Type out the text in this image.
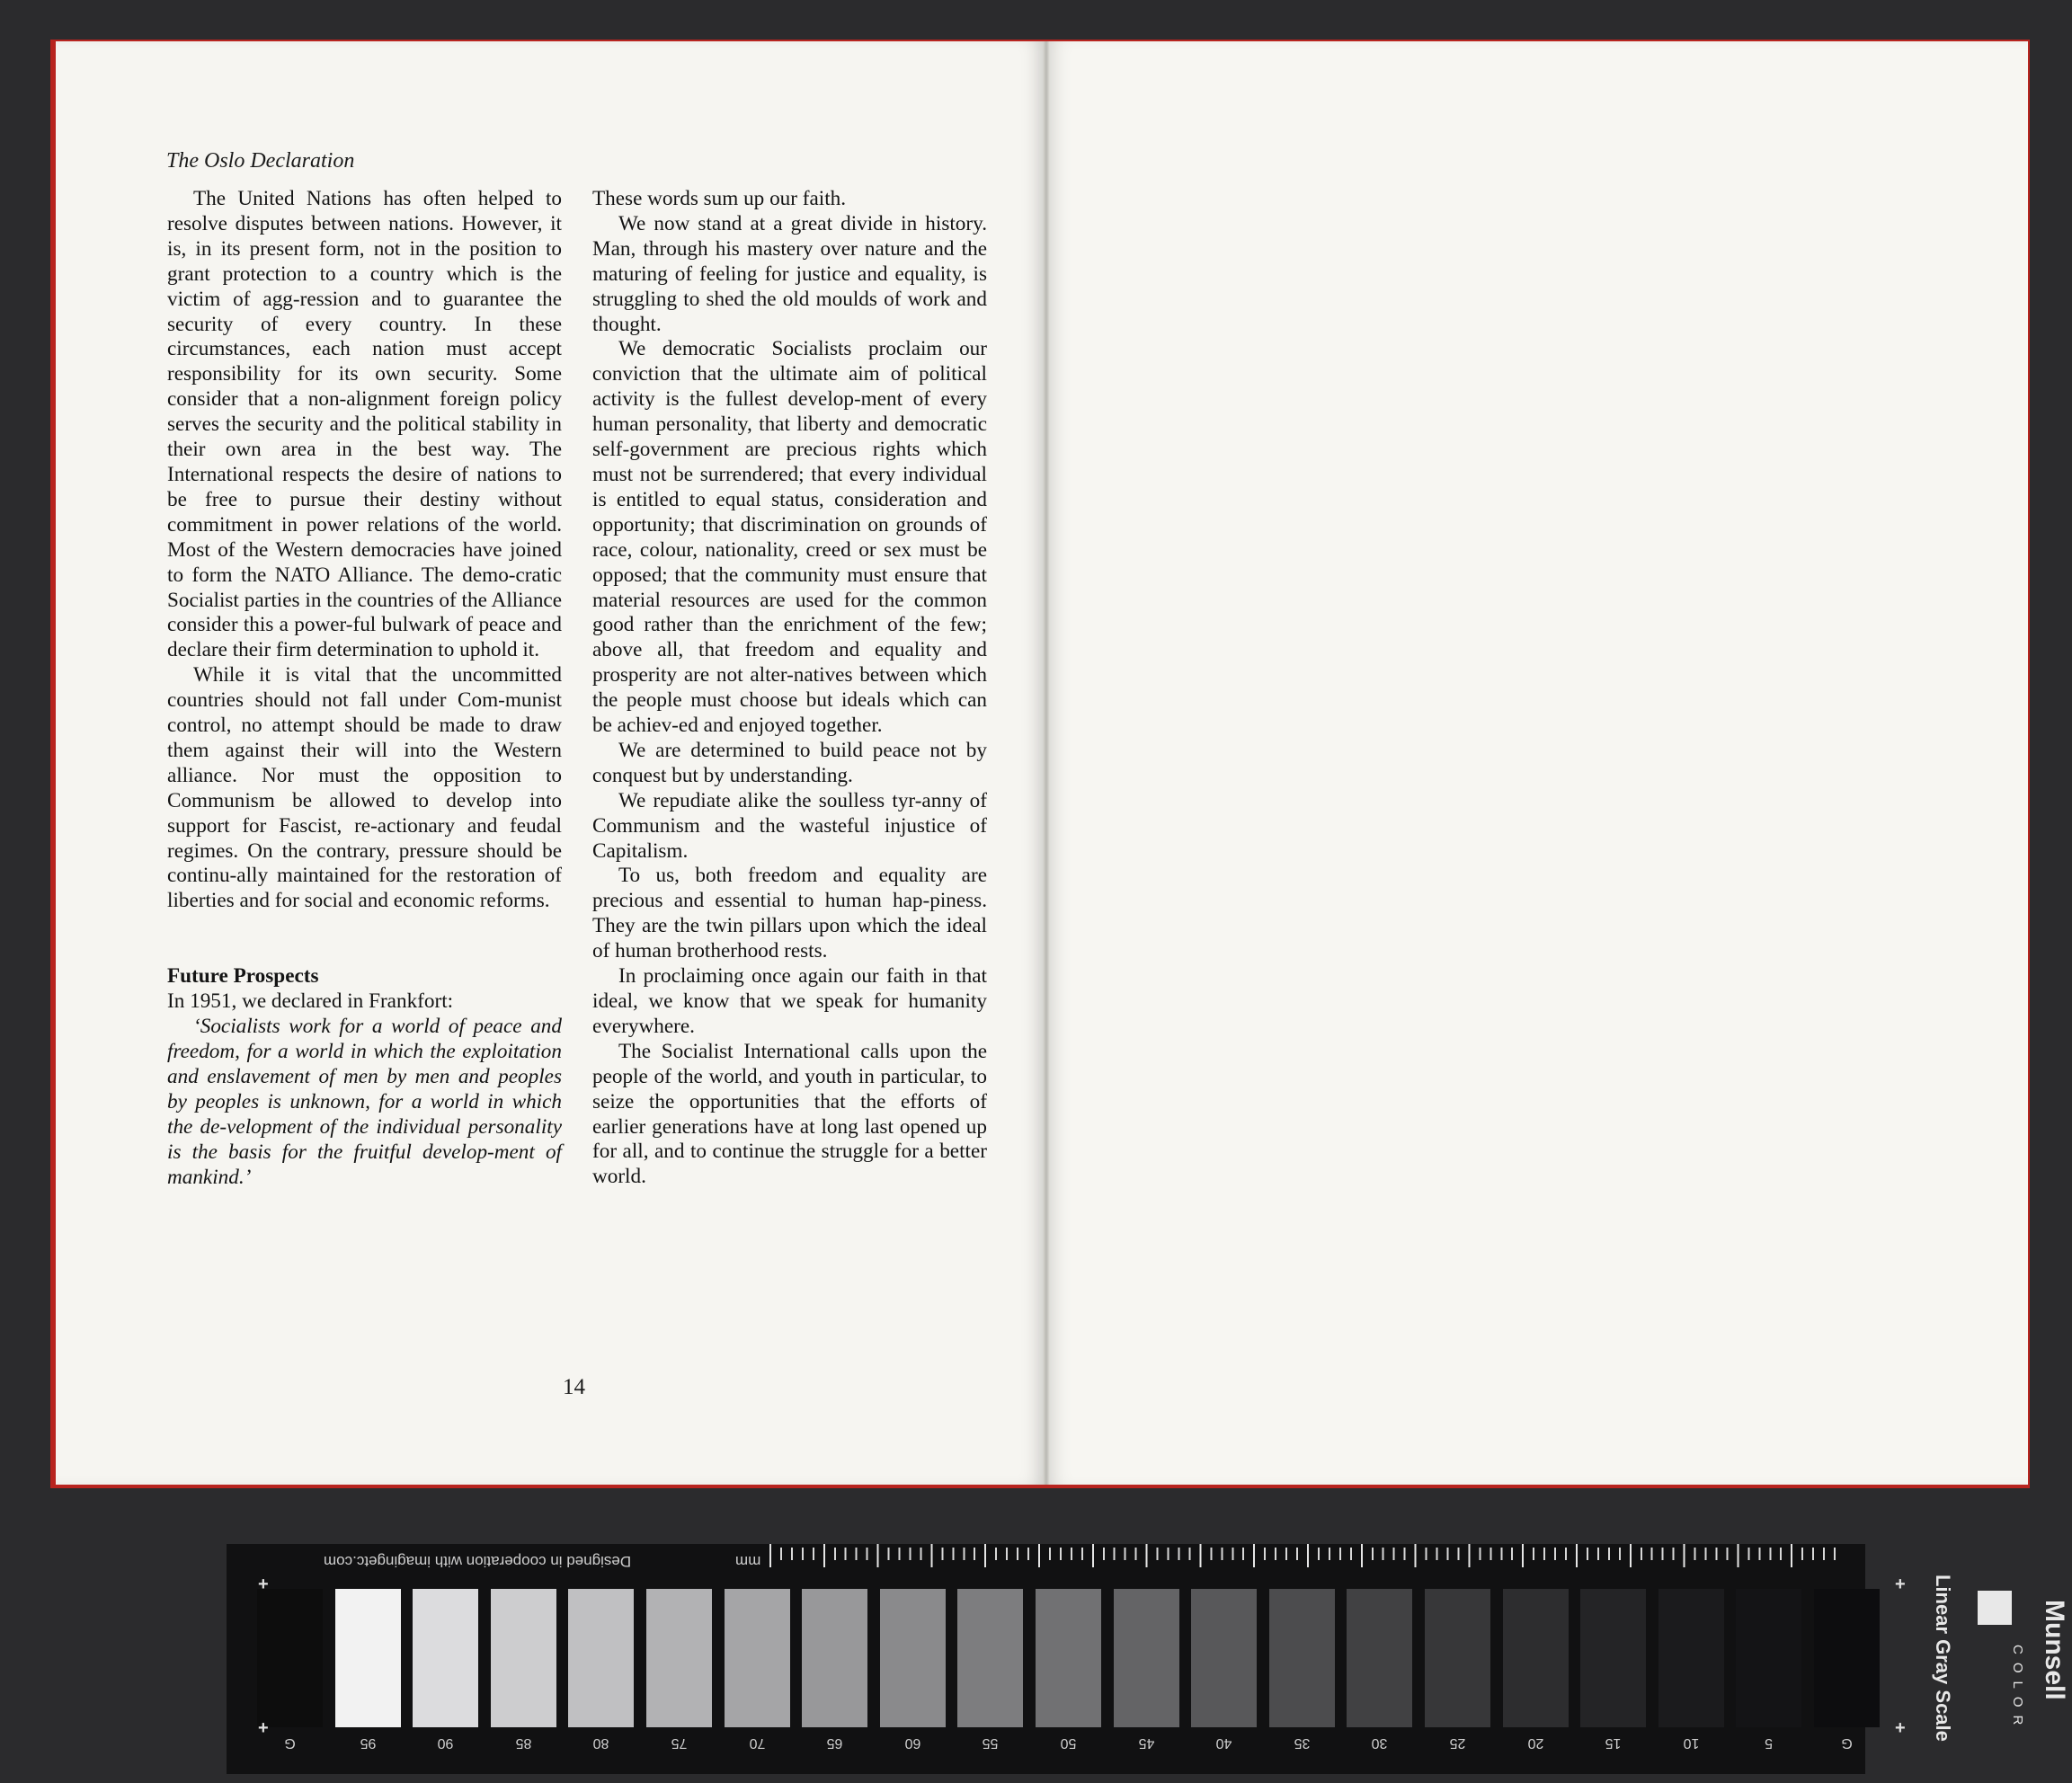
The Oslo Declaration

The United Nations has often helped to resolve disputes between nations. However, it is, in its present form, not in the position to grant protection to a country which is the victim of agg-ression and to guarantee the security of every country. In these circumstances, each nation must accept responsibility for its own security. Some consider that a non-alignment foreign policy serves the security and the political stability in their own area in the best way. The International respects the desire of nations to be free to pursue their destiny without commitment in power relations of the world. Most of the Western democracies have joined to form the NATO Alliance. The demo-cratic Socialist parties in the countries of the Alliance consider this a power-ful bulwark of peace and declare their firm determination to uphold it.

While it is vital that the uncommitted countries should not fall under Com-munist control, no attempt should be made to draw them against their will into the Western alliance. Nor must the opposition to Communism be allowed to develop into support for Fascist, re-actionary and feudal regimes. On the contrary, pressure should be continu-ally maintained for the restoration of liberties and for social and economic reforms.

Future Prospects

In 1951, we declared in Frankfort:

‘Socialists work for a world of peace and freedom, for a world in which the exploitation and enslavement of men by men and peoples by peoples is unknown, for a world in which the de-velopment of the individual personality is the basis for the fruitful develop-ment of mankind.’

These words sum up our faith.

We now stand at a great divide in history. Man, through his mastery over nature and the maturing of feeling for justice and equality, is struggling to shed the old moulds of work and thought.

We democratic Socialists proclaim our conviction that the ultimate aim of political activity is the fullest develop-ment of every human personality, that liberty and democratic self-government are precious rights which must not be surrendered; that every individual is entitled to equal status, consideration and opportunity; that discrimination on grounds of race, colour, nationality, creed or sex must be opposed; that the community must ensure that material resources are used for the common good rather than the enrichment of the few; above all, that freedom and equality and prosperity are not alter-natives between which the people must choose but ideals which can be achiev-ed and enjoyed together.

We are determined to build peace not by conquest but by understanding.

We repudiate alike the soulless tyr-anny of Communism and the wasteful injustice of Capitalism.

To us, both freedom and equality are precious and essential to human hap-piness. They are the twin pillars upon which the ideal of human brotherhood rests.

In proclaiming once again our faith in that ideal, we know that we speak for humanity everywhere.

The Socialist International calls upon the people of the world, and youth in particular, to seize the opportunities that the efforts of earlier generations have at long last opened up for all, and to continue the struggle for a better world.

14

Designed in cooperation with imagingetc.com	mm
G	95	90	85	80	75	70	65	60	55	50	45	40	35	30	25	20	15	10	5	G
+
+
+
+
Munsell
COLOR
Linear Gray Scale
